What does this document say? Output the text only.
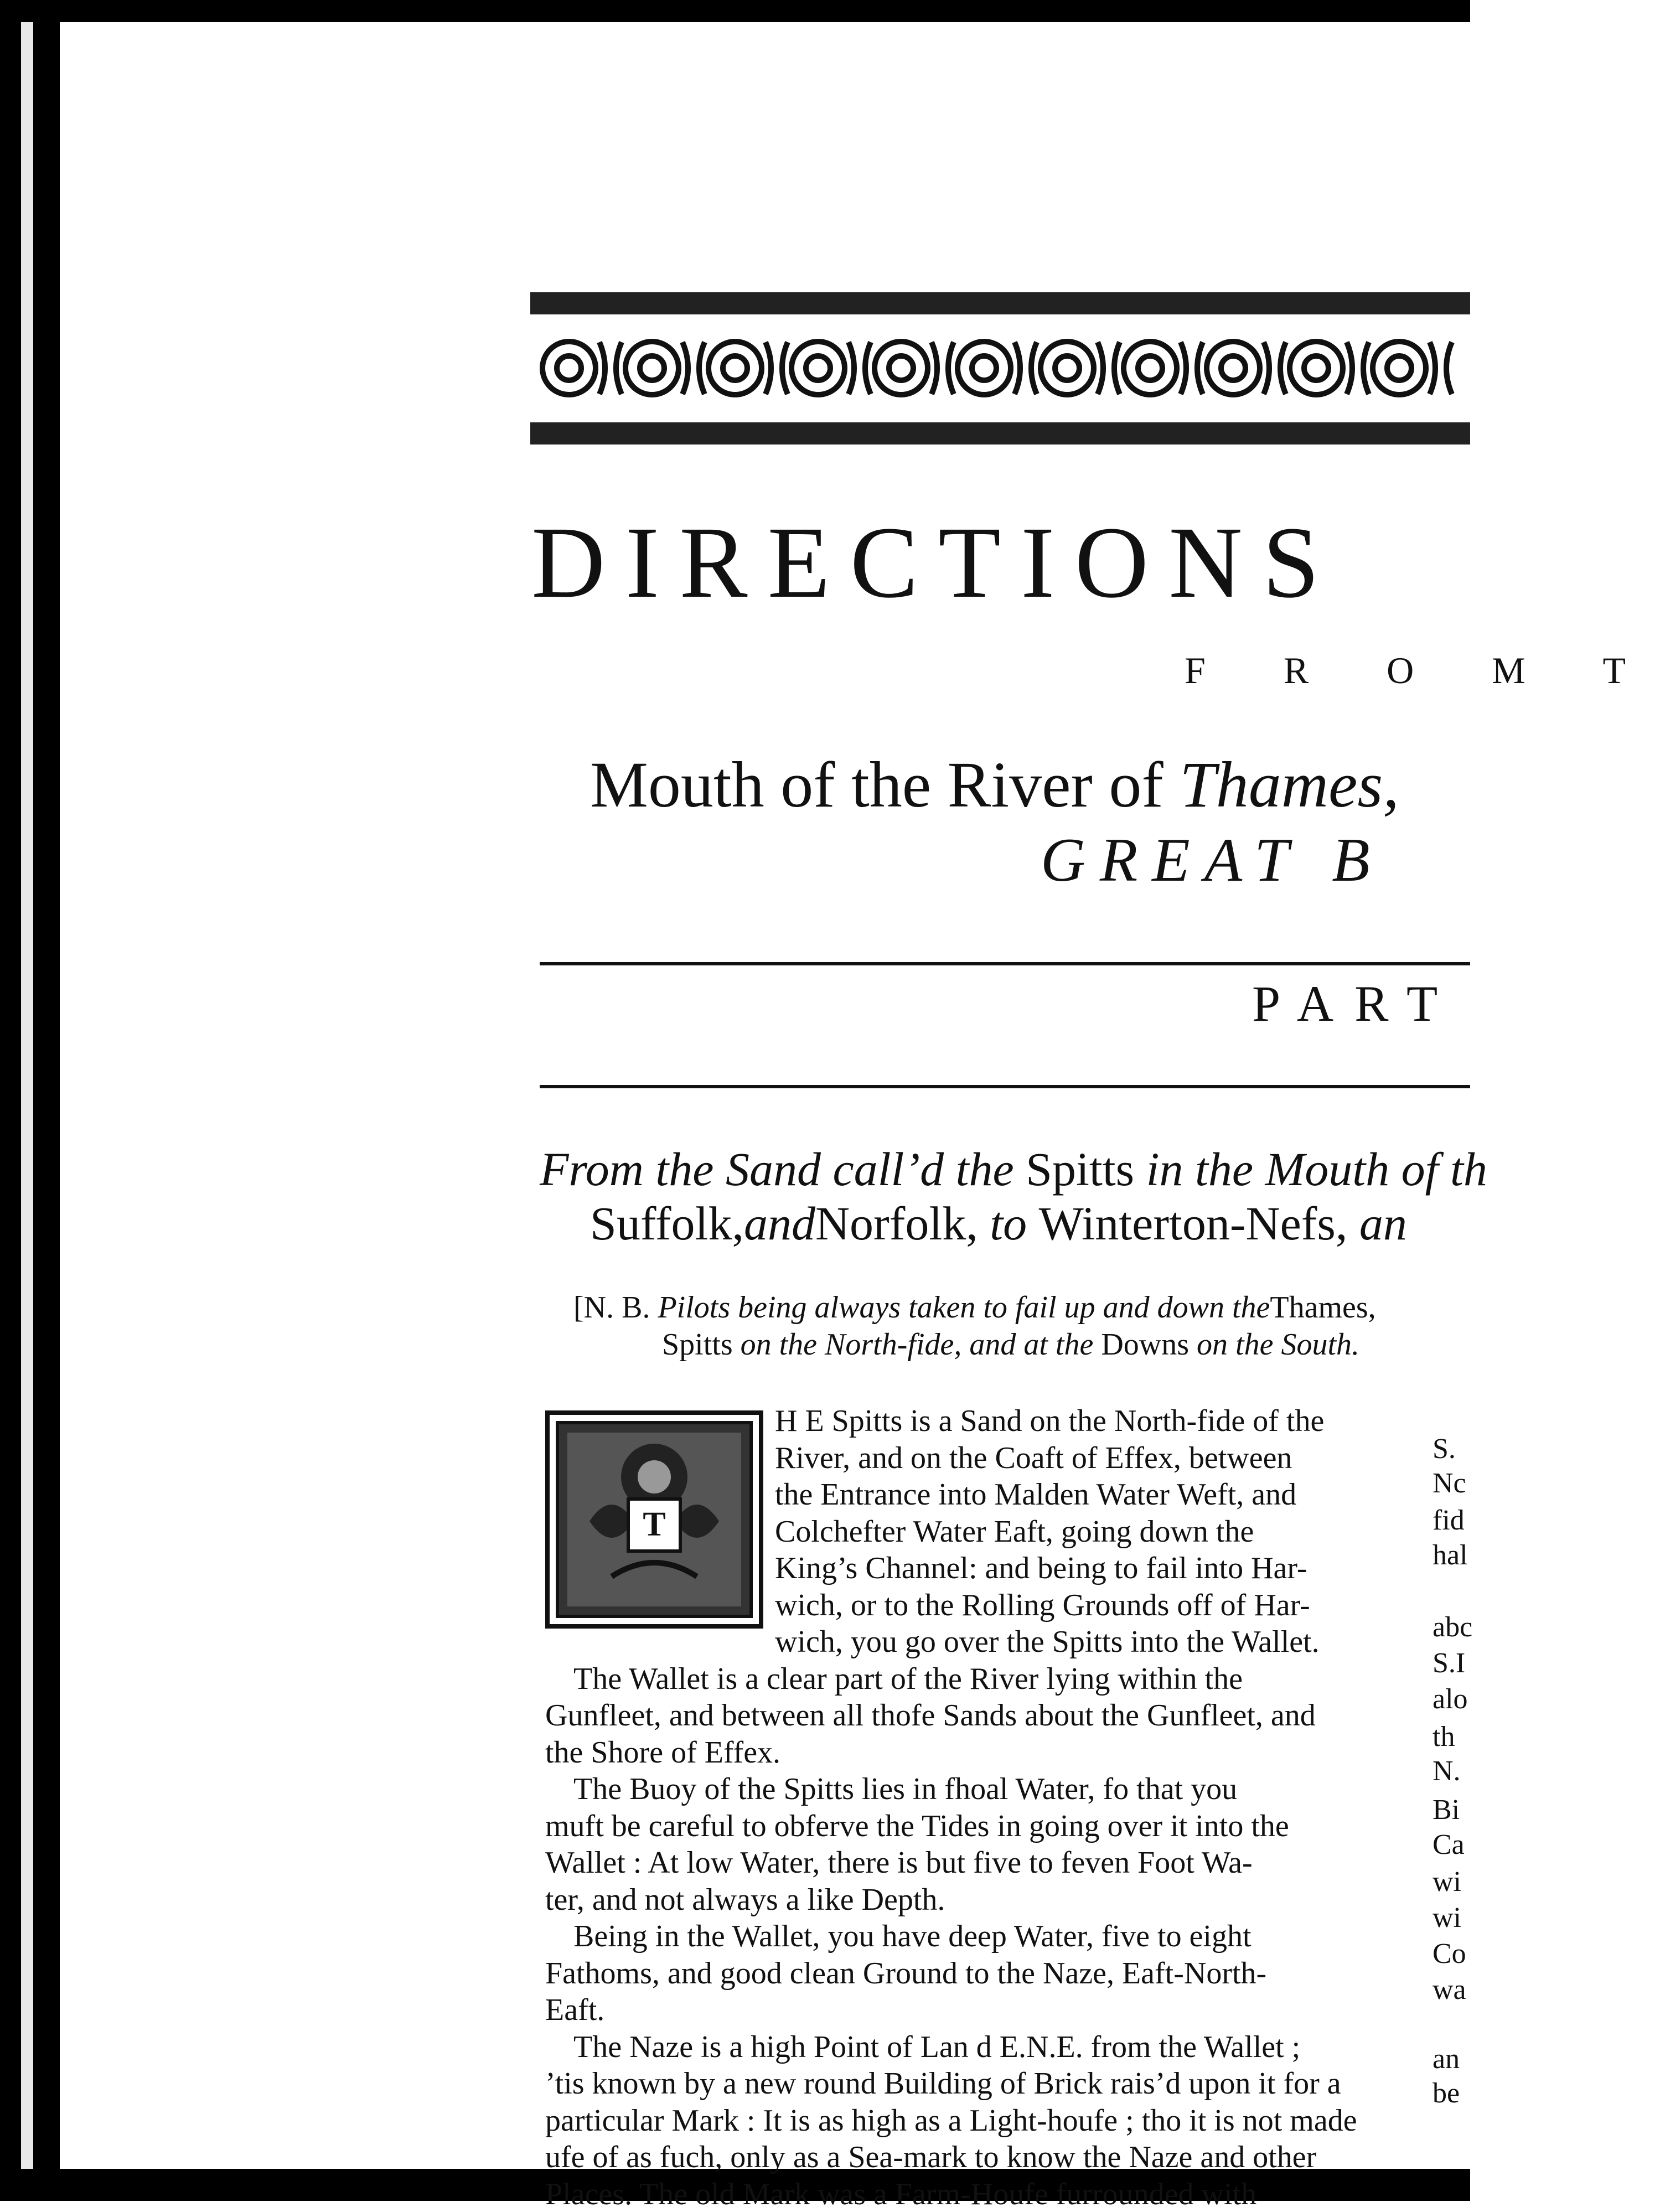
DIRECTIONS
F R O M T
Mouth of the River of Thames,
GREAT B
PART
From the Sand call’d the Spitts in the Mouth of th
Suffolk,andNorfolk, to Winterton-Nefs, an
[N. B. Pilots being always taken to fail up and down theThames,
Spitts on the North-fide, and at the Downs on the South.
T
H E Spitts is a Sand on the North-fide of the
River, and on the Coaft of Effex, between
the Entrance into Malden Water Weft, and
Colchefter Water Eaft, going down the
King’s Channel: and being to fail into Har-
wich, or to the Rolling Grounds off of Har-
wich, you go over the Spitts into the Wallet.
The Wallet is a clear part of the River lying within the
Gunfleet, and between all thofe Sands about the Gunfleet, and
the Shore of Effex.
The Buoy of the Spitts lies in fhoal Water, fo that you
muft be careful to obferve the Tides in going over it into the
Wallet : At low Water, there is but five to feven Foot Wa-
ter, and not always a like Depth.
Being in the Wallet, you have deep Water, five to eight
Fathoms, and good clean Ground to the Naze, Eaft-North-
Eaft.
The Naze is a high Point of Lan d E.N.E. from the Wallet ;
’tis known by a new round Building of Brick rais’d upon it for a
particular Mark : It is as high as a Light-houfe ; tho it is not made
ufe of as fuch, only as a Sea-mark to know the Naze and other
Places. The old Mark was a Farm-Houfe furrounded with
S.
Nc
fid
hal
abc
S.I
alo
th
N.
Bi
Ca
wi
wi
Co
wa
an
be
